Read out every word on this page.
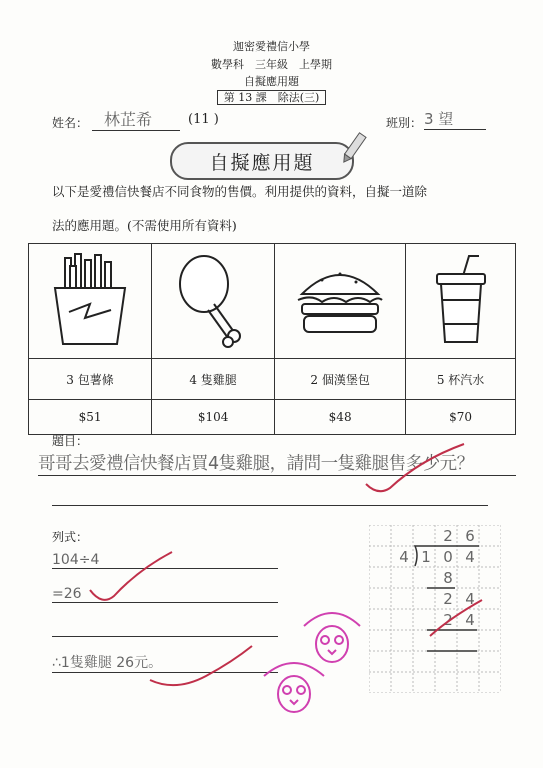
迦密愛禮信小學
數學科　三年級　上學期
自擬應用題
第 13 課　除法(三)
姓名： 林芷希	(11 )	班別： 3 望
自擬應用題
以下是愛禮信快餐店不同食物的售價。利用提供的資料，自擬一道除
法的應用題。(不需使用所有資料)

3 包薯條	4 隻雞腿	2 個漢堡包	5 杯汽水
$51	$104	$48	$70
題目：
哥哥去愛禮信快餐店買4隻雞腿，請問一隻雞腿售多少元？
列式：
104÷4
=26
∴1隻雞腿 26元。
2 6
4 1 0 4
8
2 4
2 4
